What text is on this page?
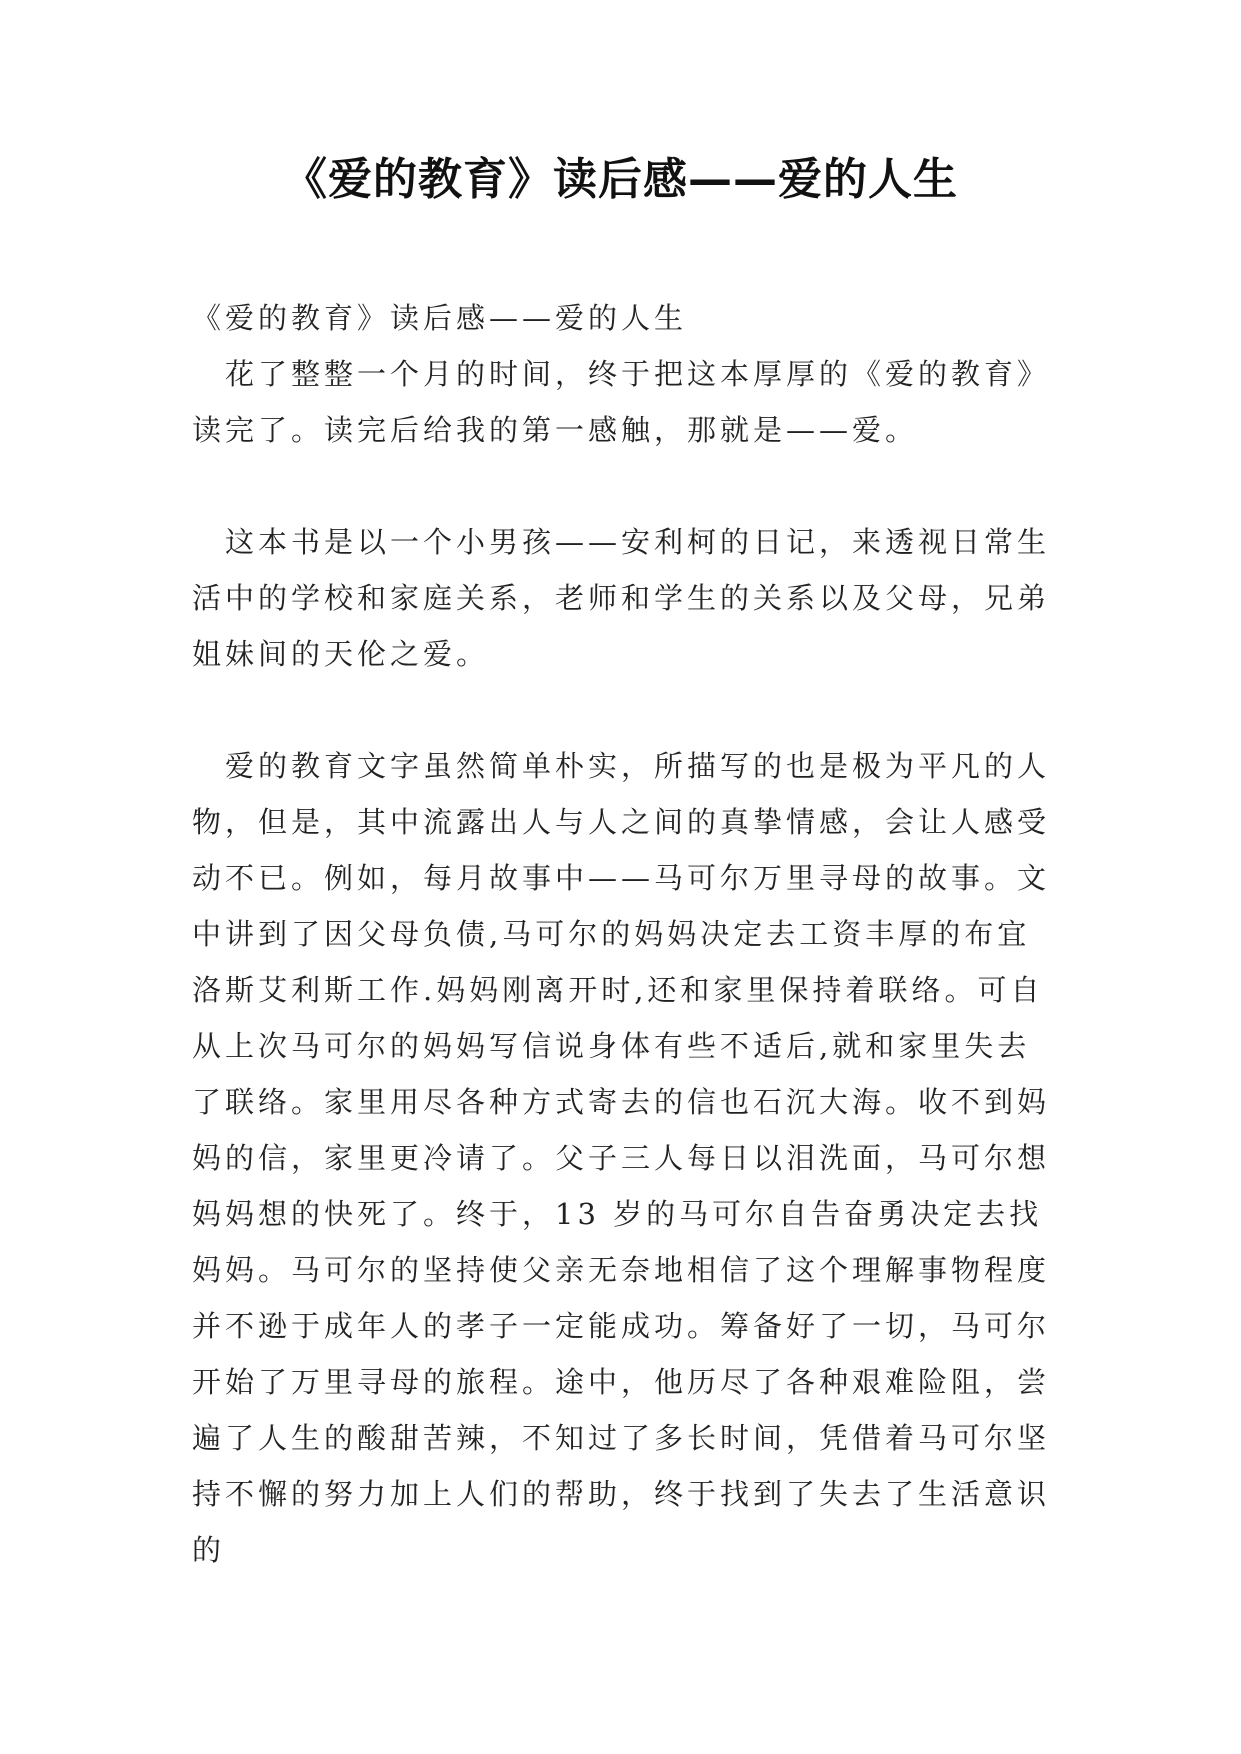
《爱的教育》读后感——爱的人生

《爱的教育》读后感——爱的人生

花了整整一个月的时间，终于把这本厚厚的《爱的教育》读完了。读完后给我的第一感触，那就是——爱。

这本书是以一个小男孩——安利柯的日记，来透视日常生活中的学校和家庭关系，老师和学生的关系以及父母，兄弟姐妹间的天伦之爱。

爱的教育文字虽然简单朴实，所描写的也是极为平凡的人物，但是，其中流露出人与人之间的真挚情感，会让人感受动不已。例如，每月故事中——马可尔万里寻母的故事。文中讲到了因父母负债,马可尔的妈妈决定去工资丰厚的布宜洛斯艾利斯工作.妈妈刚离开时,还和家里保持着联络。可自从上次马可尔的妈妈写信说身体有些不适后,就和家里失去了联络。家里用尽各种方式寄去的信也石沉大海。收不到妈妈的信，家里更冷请了。父子三人每日以泪洗面，马可尔想妈妈想的快死了。终于，13 岁的马可尔自告奋勇决定去找妈妈。马可尔的坚持使父亲无奈地相信了这个理解事物程度并不逊于成年人的孝子一定能成功。筹备好了一切，马可尔开始了万里寻母的旅程。途中，他历尽了各种艰难险阻，尝遍了人生的酸甜苦辣，不知过了多长时间，凭借着马可尔坚持不懈的努力加上人们的帮助，终于找到了失去了生活意识的
